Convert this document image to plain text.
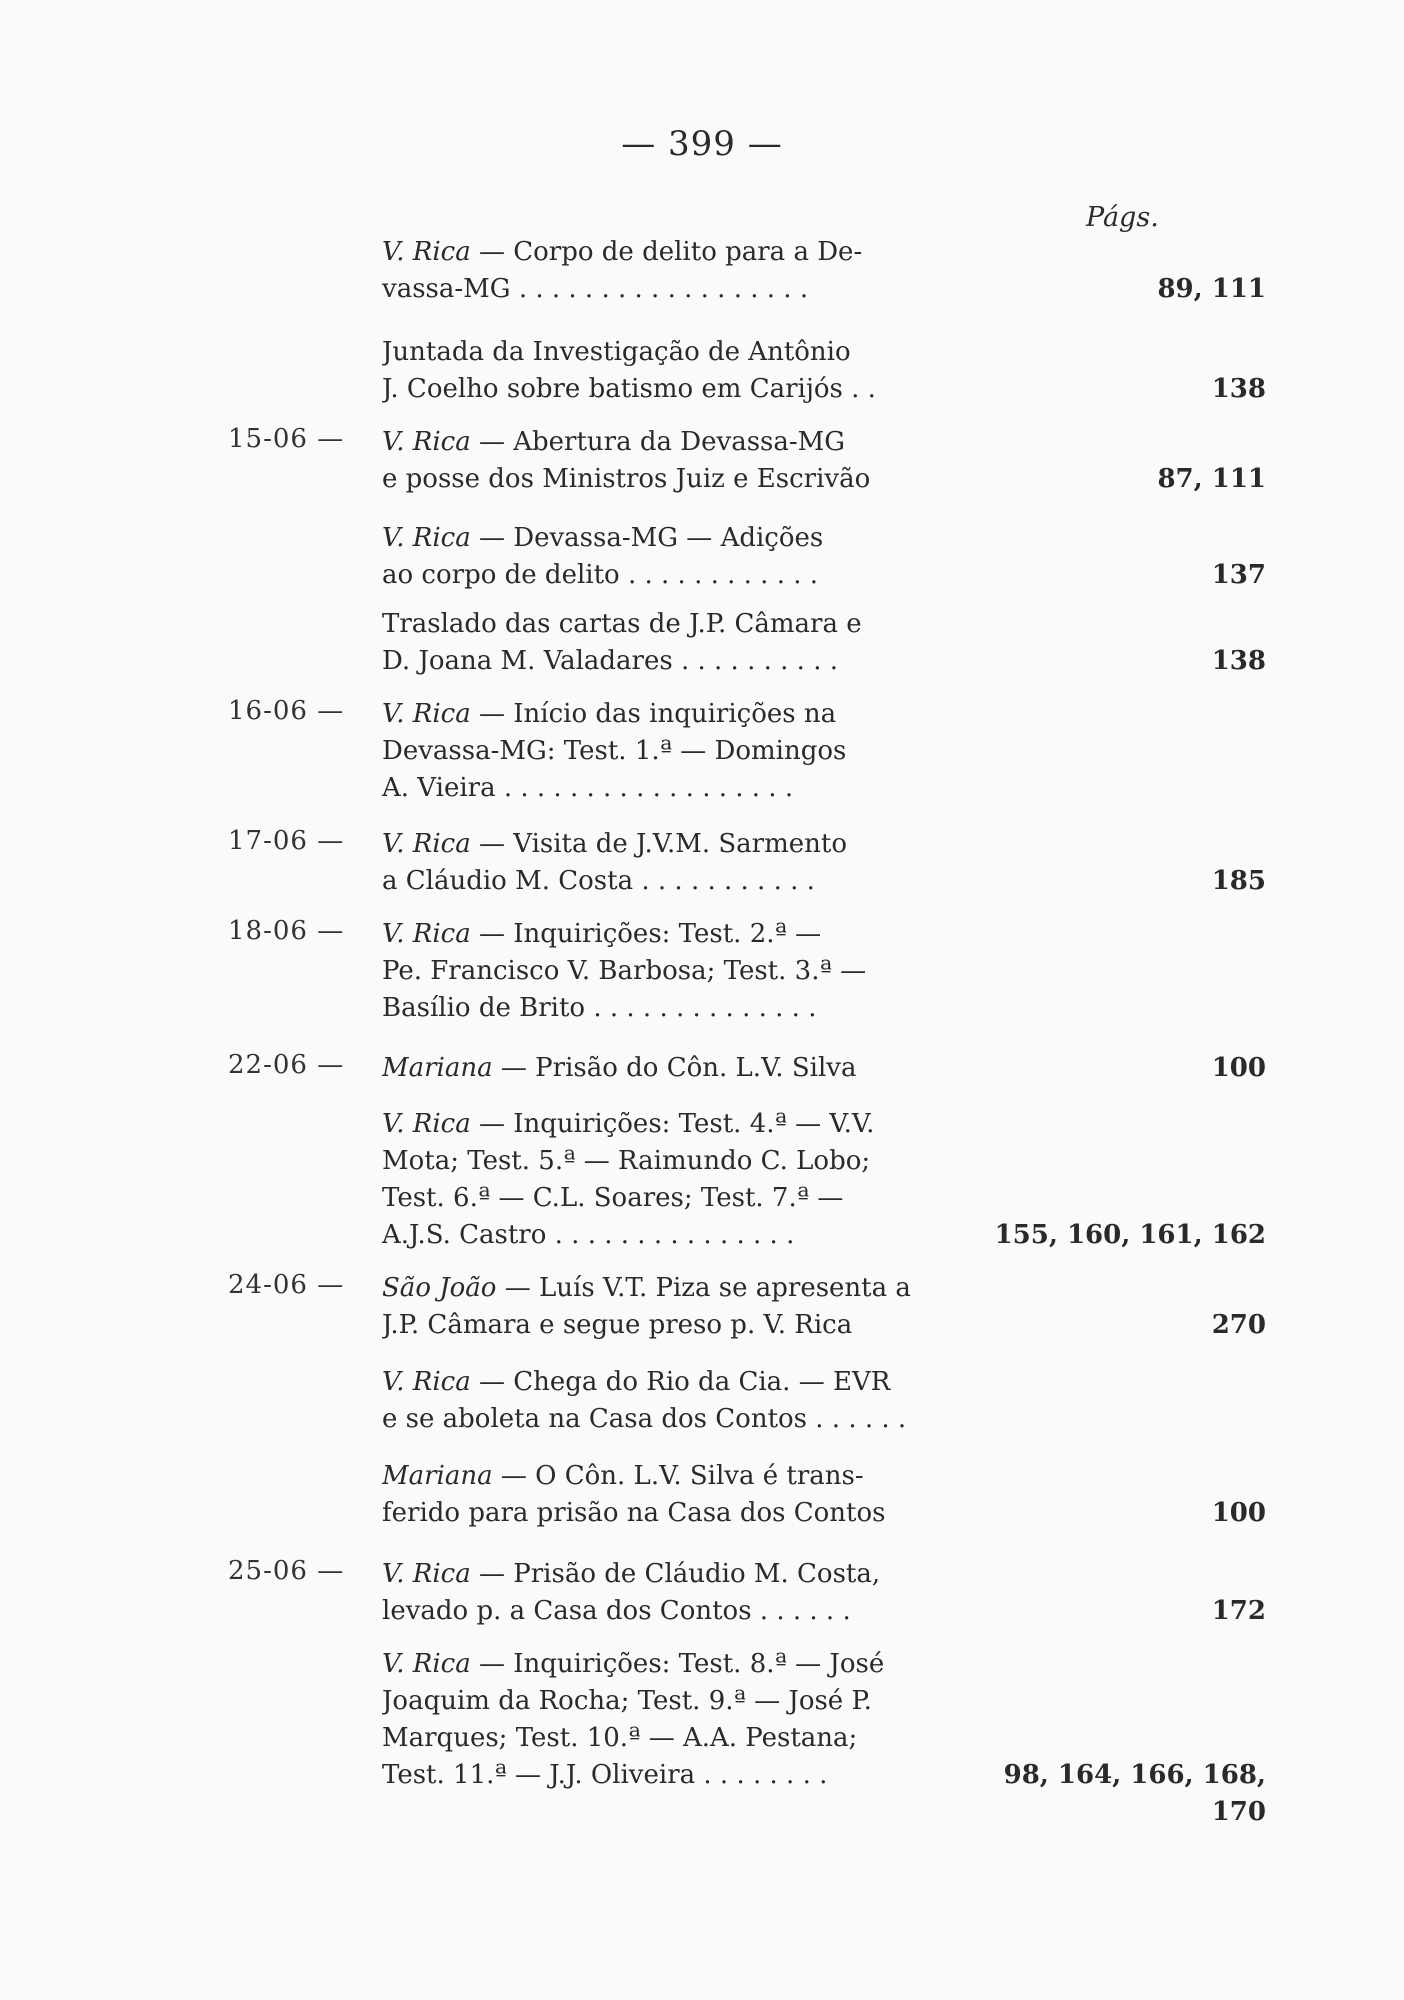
— 399 —
Págs.
V. Rica — Corpo de delito para a De-
vassa-MG . . . . . . . . . . . . . . . . . .	89, 111
Juntada da Investigação de Antônio
J. Coelho sobre batismo em Carijós . .	138
15-06 —	V. Rica — Abertura da Devassa-MG
e posse dos Ministros Juiz e Escrivão	87, 111
V. Rica — Devassa-MG — Adições
ao corpo de delito . . . . . . . . . . . .	137
Traslado das cartas de J.P. Câmara e
D. Joana M. Valadares . . . . . . . . . .	138
16-06 —	V. Rica — Início das inquirições na
Devassa-MG: Test. 1.ª — Domingos
A. Vieira . . . . . . . . . . . . . . . . . .
17-06 —	V. Rica — Visita de J.V.M. Sarmento
a Cláudio M. Costa . . . . . . . . . . .	185
18-06 —	V. Rica — Inquirições: Test. 2.ª —
Pe. Francisco V. Barbosa; Test. 3.ª —
Basílio de Brito . . . . . . . . . . . . . .
22-06 —	Mariana — Prisão do Côn. L.V. Silva	100
V. Rica — Inquirições: Test. 4.ª — V.V.
Mota; Test. 5.ª — Raimundo C. Lobo;
Test. 6.ª — C.L. Soares; Test. 7.ª —
A.J.S. Castro . . . . . . . . . . . . . . .	155, 160, 161, 162
24-06 —	São João — Luís V.T. Piza se apresenta a
J.P. Câmara e segue preso p. V. Rica	270
V. Rica — Chega do Rio da Cia. — EVR
e se aboleta na Casa dos Contos . . . . . .
Mariana — O Côn. L.V. Silva é trans-
ferido para prisão na Casa dos Contos	100
25-06 —	V. Rica — Prisão de Cláudio M. Costa,
levado p. a Casa dos Contos . . . . . .	172
V. Rica — Inquirições: Test. 8.ª — José
Joaquim da Rocha; Test. 9.ª — José P.
Marques; Test. 10.ª — A.A. Pestana;
Test. 11.ª — J.J. Oliveira . . . . . . . .	98, 164, 166, 168,
170
